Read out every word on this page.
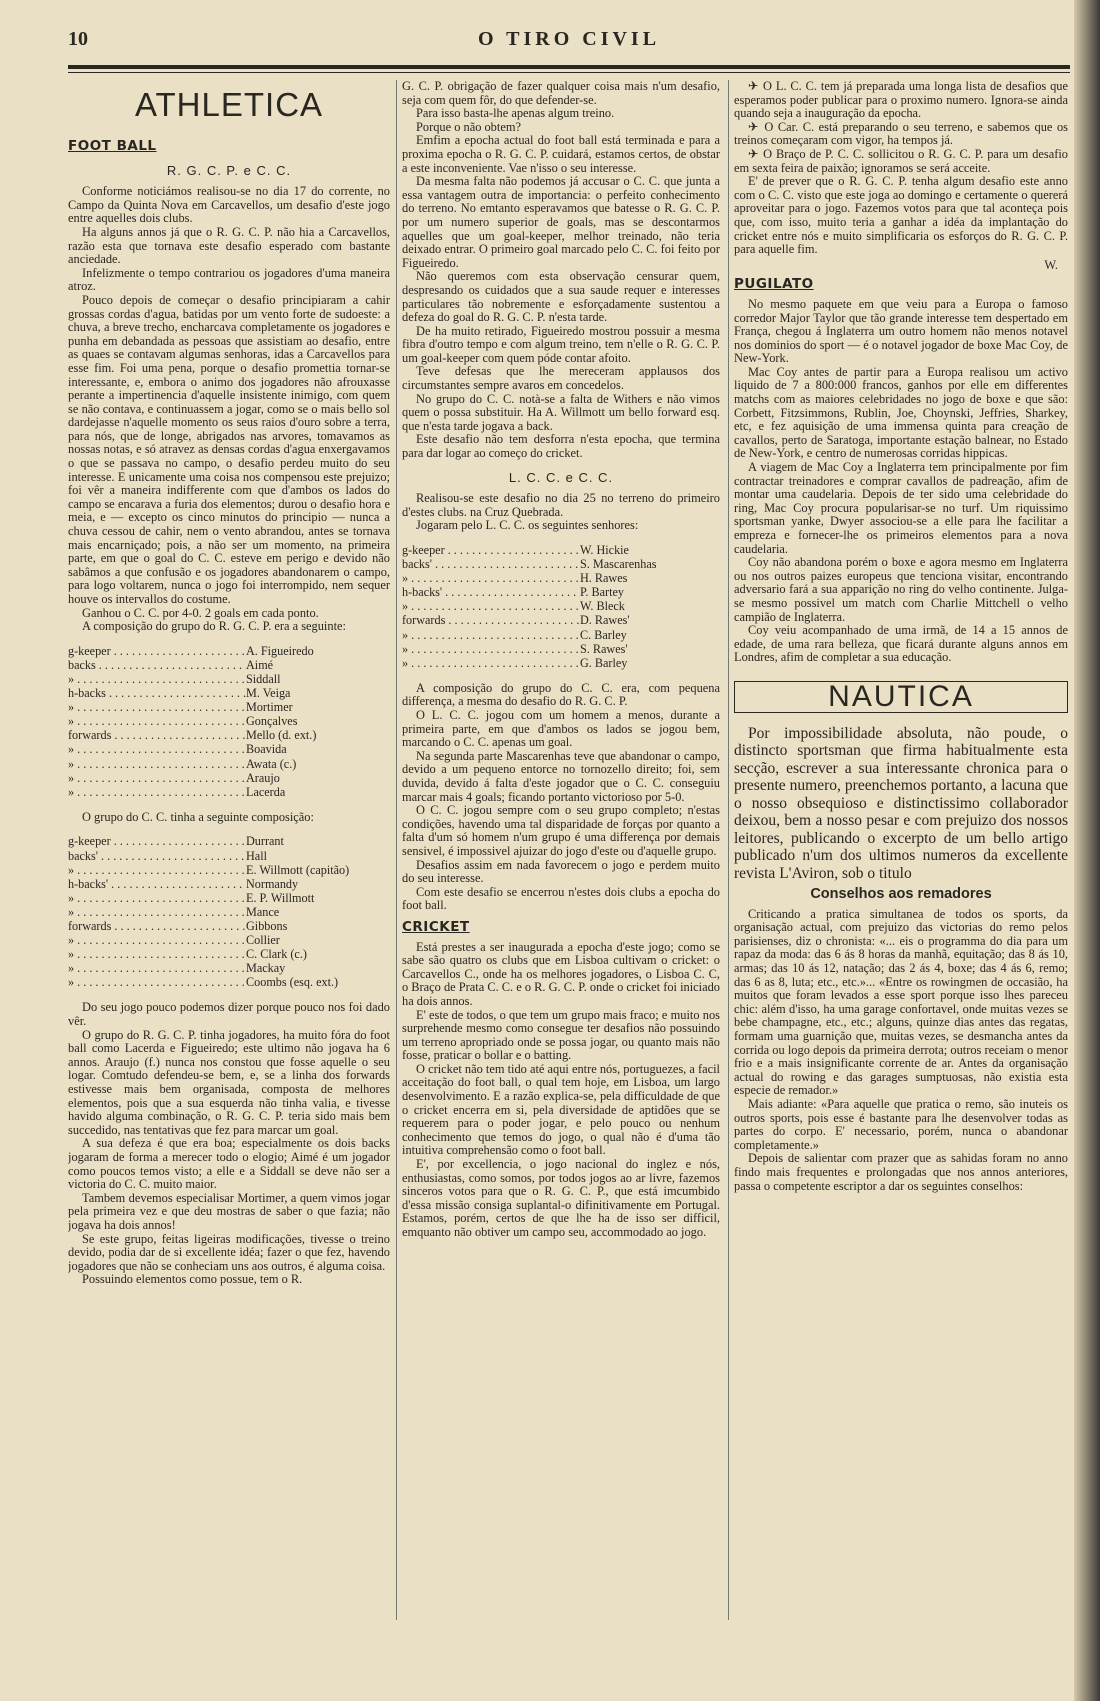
10	O TIRO CIVIL
ATHLETICA
FOOT BALL
R. G. C. P. e C. C.

Conforme noticiámos realisou-se no dia 17 do corrente, no Campo da Quinta Nova em Carcavellos, um desafio d'este jogo entre aquelles dois clubs.

Ha alguns annos já que o R. G. C. P. não hia a Carcavellos, razão esta que tornava este desafio esperado com bastante anciedade.

Infelizmente o tempo contrariou os jogadores d'uma maneira atroz.

Pouco depois de começar o desafio principiaram a cahir grossas cordas d'agua, batidas por um vento forte de sudoeste: a chuva, a breve trecho, encharcava completamente os jogadores e punha em debandada as pessoas que assistiam ao desafio, entre as quaes se contavam algumas senhoras, idas a Carcavellos para esse fim. Foi uma pena, porque o desafio promettia tornar-se interessante, e, embora o animo dos jogadores não afrouxasse perante a impertinencia d'aquelle insistente inimigo, com quem se não contava, e continuassem a jogar, como se o mais bello sol dardejasse n'aquelle momento os seus raios d'ouro sobre a terra, para nós, que de longe, abrigados nas arvores, tomavamos as nossas notas, e só atravez as densas cordas d'agua enxergavamos o que se passava no campo, o desafio perdeu muito do seu interesse. E unicamente uma coisa nos compensou este prejuizo; foi vêr a maneira indifferente com que d'ambos os lados do campo se encarava a furia dos elementos; durou o desafio hora e meia, e — excepto os cinco minutos do principio — nunca a chuva cessou de cahir, nem o vento abrandou, antes se tornava mais encarniçado; pois, a não ser um momento, na primeira parte, em que o goal do C. C. esteve em perigo e devido não sabâmos a que confusão e os jogadores abandonarem o campo, para logo voltarem, nunca o jogo foi interrompido, nem sequer houve os intervallos do costume.

Ganhou o C. C. por 4-0. 2 goals em cada ponto.

A composição do grupo do R. G. C. P. era a seguinte:

g-keeper . . .	A. Figueiredo
backs . . .	Aimé
» . . .	Siddall
h-backs . . .	M. Veiga
» . . .	Mortimer
» . . .	Gonçalves
forwards . . .	Mello (d. ext.)
» . . .	Boavida
» . . .	Awata (c.)
» . . .	Araujo
» . . .	Lacerda

O grupo do C. C. tinha a seguinte composição:

g-keeper . . .	Durrant
backs' . . .	Hall
» . . .	E. Willmott (capitão)
h-backs' . . .	Normandy
» . . .	E. P. Willmott
» . . .	Mance
forwards . . .	Gibbons
» . . .	Collier
» . . .	C. Clark (c.)
» . . .	Mackay
» . . .	Coombs (esq. ext.)

Do seu jogo pouco podemos dizer porque pouco nos foi dado vêr.

O grupo do R. G. C. P. tinha jogadores, ha muito fóra do foot ball como Lacerda e Figueiredo; este ultimo não jogava ha 6 annos. Araujo (f.) nunca nos constou que fosse aquelle o seu logar. Comtudo defendeu-se bem, e, se a linha dos forwards estivesse mais bem organisada, composta de melhores elementos, pois que a sua esquerda não tinha valia, e tivesse havido alguma combinação, o R. G. C. P. teria sido mais bem succedido, nas tentativas que fez para marcar um goal.

A sua defeza é que era boa; especialmente os dois backs jogaram de forma a merecer todo o elogio; Aimé é um jogador como poucos temos visto; a elle e a Siddall se deve não ser a victoria do C. C. muito maior.

Tambem devemos especialisar Mortimer, a quem vimos jogar pela primeira vez e que deu mostras de saber o que fazia; não jogava ha dois annos!

Se este grupo, feitas ligeiras modificações, tivesse o treino devido, podia dar de si excellente idéa; fazer o que fez, havendo jogadores que não se conheciam uns aos outros, é alguma coisa.

Possuindo elementos como possue, tem o R.

G. C. P. obrigação de fazer qualquer coisa mais n'um desafio, seja com quem fôr, do que defender-se.

Para isso basta-lhe apenas algum treino.

Porque o não obtem?

Emfim a epocha actual do foot ball está terminada e para a proxima epocha o R. G. C. P. cuidará, estamos certos, de obstar a este inconveniente. Vae n'isso o seu interesse.

Da mesma falta não podemos já accusar o C. C. que junta a essa vantagem outra de importancia: o perfeito conhecimento do terreno. No emtanto esperavamos que batesse o R. G. C. P. por um numero superior de goals, mas se descontarmos aquelles que um goal-keeper, melhor treinado, não teria deixado entrar. O primeiro goal marcado pelo C. C. foi feito por Figueiredo.

Não queremos com esta observação censurar quem, despresando os cuidados que a sua saude requer e interesses particulares tão nobremente e esforçadamente sustentou a defeza do goal do R. G. C. P. n'esta tarde.

De ha muito retirado, Figueiredo mostrou possuir a mesma fibra d'outro tempo e com algum treino, tem n'elle o R. G. C. P. um goal-keeper com quem póde contar afoito.

Teve defesas que lhe mereceram applausos dos circumstantes sempre avaros em concedelos.

No grupo do C. C. notà-se a falta de Withers e não vimos quem o possa substituir. Ha A. Willmott um bello forward esq. que n'esta tarde jogava a back.

Este desafio não tem desforra n'esta epocha, que termina para dar logar ao começo do cricket.

L. C. C. e C. C.

Realisou-se este desafio no dia 25 no terreno do primeiro d'estes clubs. na Cruz Quebrada.

Jogaram pelo L. C. C. os seguintes senhores:

g-keeper . . .	W. Hickie
backs' . . .	S. Mascarenhas
» . . .	H. Rawes
h-backs' . . .	P. Bartey
» . . .	W. Bleck
forwards . . .	D. Rawes'
» . . .	C. Barley
» . . .	S. Rawes'
» . . .	G. Barley

A composição do grupo do C. C. era, com pequena differença, a mesma do desafio do R. G. C. P.

O L. C. C. jogou com um homem a menos, durante a primeira parte, em que d'ambos os lados se jogou bem, marcando o C. C. apenas um goal.

Na segunda parte Mascarenhas teve que abandonar o campo, devido a um pequeno entorce no tornozello direito; foi, sem duvida, devido á falta d'este jogador que o C. C. conseguiu marcar mais 4 goals; ficando portanto victorioso por 5-0.

O C. C. jogou sempre com o seu grupo completo; n'estas condições, havendo uma tal disparidade de forças por quanto a falta d'um só homem n'um grupo é uma differença por demais sensivel, é impossivel ajuizar do jogo d'este ou d'aquelle grupo.

Desafios assim em nada favorecem o jogo e perdem muito do seu interesse.

Com este desafio se encerrou n'estes dois clubs a epocha do foot ball.

CRICKET

Está prestes a ser inaugurada a epocha d'este jogo; como se sabe são quatro os clubs que em Lisboa cultivam o cricket: o Carcavellos C., onde ha os melhores jogadores, o Lisboa C. C, o Braço de Prata C. C. e o R. G. C. P. onde o cricket foi iniciado ha dois annos.

E' este de todos, o que tem um grupo mais fraco; e muito nos surprehende mesmo como consegue ter desafios não possuindo um terreno apropriado onde se possa jogar, ou quanto mais não fosse, praticar o bollar e o batting.

O cricket não tem tido até aqui entre nós, portuguezes, a facil acceitação do foot ball, o qual tem hoje, em Lisboa, um largo desenvolvimento. E a razão explica-se, pela difficuldade de que o cricket encerra em si, pela diversidade de aptidões que se requerem para o poder jogar, e pelo pouco ou nenhum conhecimento que temos do jogo, o qual não é d'uma tão intuitiva comprehensão como o foot ball.

E', por excellencia, o jogo nacional do inglez e nós, enthusiastas, como somos, por todos jogos ao ar livre, fazemos sinceros votos para que o R. G. C. P., que está imcumbido d'essa missão consiga suplantal-o difinitivamente em Portugal. Estamos, porém, certos de que lhe ha de isso ser difficil, emquanto não obtiver um campo seu, accommodado ao jogo.

✈ O L. C. C. tem já preparada uma longa lista de desafios que esperamos poder publicar para o proximo numero. Ignora-se ainda quando seja a inauguração da epocha.

✈ O Car. C. está preparando o seu terreno, e sabemos que os treinos começaram com vigor, ha tempos já.

✈ O Braço de P. C. C. sollicitou o R. G. C. P. para um desafio em sexta feira de paixão; ignoramos se será acceite.

E' de prever que o R. G. C. P. tenha algum desafio este anno com o C. C. visto que este joga ao domingo e certamente o quererá aproveitar para o jogo. Fazemos votos para que tal aconteça pois que, com isso, muito teria a ganhar a idéa da implantação do cricket entre nós e muito simplificaria os esforços do R. G. C. P. para aquelle fim.

W.
PUGILATO

No mesmo paquete em que veiu para a Europa o famoso corredor Major Taylor que tão grande interesse tem despertado em França, chegou á Inglaterra um outro homem não menos notavel nos dominios do sport — é o notavel jogador de boxe Mac Coy, de New-York.

Mac Coy antes de partir para a Europa realisou um activo liquido de 7 a 800:000 francos, ganhos por elle em differentes matchs com as maiores celebridades no jogo de boxe e que são: Corbett, Fitzsimmons, Rublin, Joe, Choynski, Jeffries, Sharkey, etc, e fez aquisição de uma immensa quinta para creação de cavallos, perto de Saratoga, importante estação balnear, no Estado de New-York, e centro de numerosas corridas hippicas.

A viagem de Mac Coy a Inglaterra tem principalmente por fim contractar treinadores e comprar cavallos de padreação, afim de montar uma caudelaria. Depois de ter sido uma celebridade do ring, Mac Coy procura popularisar-se no turf. Um riquissimo sportsman yanke, Dwyer associou-se a elle para lhe facilitar a empreza e fornecer-lhe os primeiros elementos para a nova caudelaria.

Coy não abandona porém o boxe e agora mesmo em Inglaterra ou nos outros paizes europeus que tenciona visitar, encontrando adversario fará a sua apparição no ring do velho continente. Julga-se mesmo possivel um match com Charlie Mittchell o velho campião de Inglaterra.

Coy veiu acompanhado de uma irmã, de 14 a 15 annos de edade, de uma rara belleza, que ficará durante alguns annos em Londres, afim de completar a sua educação.

NAUTICA

Por impossibilidade absoluta, não poude, o distincto sportsman que firma habitualmente esta secção, escrever a sua interessante chronica para o presente numero, preenchemos portanto, a lacuna que o nosso obsequioso e distinctissimo collaborador deixou, bem a nosso pesar e com prejuizo dos nossos leitores, publicando o excerpto de um bello artigo publicado n'um dos ultimos numeros da excellente revista L'Aviron, sob o titulo

Conselhos aos remadores

Criticando a pratica simultanea de todos os sports, da organisação actual, com prejuizo das victorias do remo pelos parisienses, diz o chronista: «... eis o programma do dia para um rapaz da moda: das 6 ás 8 horas da manhã, equitação; das 8 ás 10, armas; das 10 ás 12, natação; das 2 ás 4, boxe; das 4 ás 6, remo; das 6 as 8, luta; etc., etc.»... «Entre os rowingmen de occasião, ha muitos que foram levados a esse sport porque isso lhes pareceu chic: além d'isso, ha uma garage confortavel, onde muitas vezes se bebe champagne, etc., etc.; alguns, quinze dias antes das regatas, formam uma guarnição que, muitas vezes, se desmancha antes da corrida ou logo depois da primeira derrota; outros receiam o menor frio e a mais insignificante corrente de ar. Antes da organisação actual do rowing e das garages sumptuosas, não existia esta especie de remador.»

Mais adiante: «Para aquelle que pratica o remo, são inuteis os outros sports, pois esse é bastante para lhe desenvolver todas as partes do corpo. E' necessario, porém, nunca o abandonar completamente.»

Depois de salientar com prazer que as sahidas foram no anno findo mais frequentes e prolongadas que nos annos anteriores, passa o competente escriptor a dar os seguintes conselhos:
